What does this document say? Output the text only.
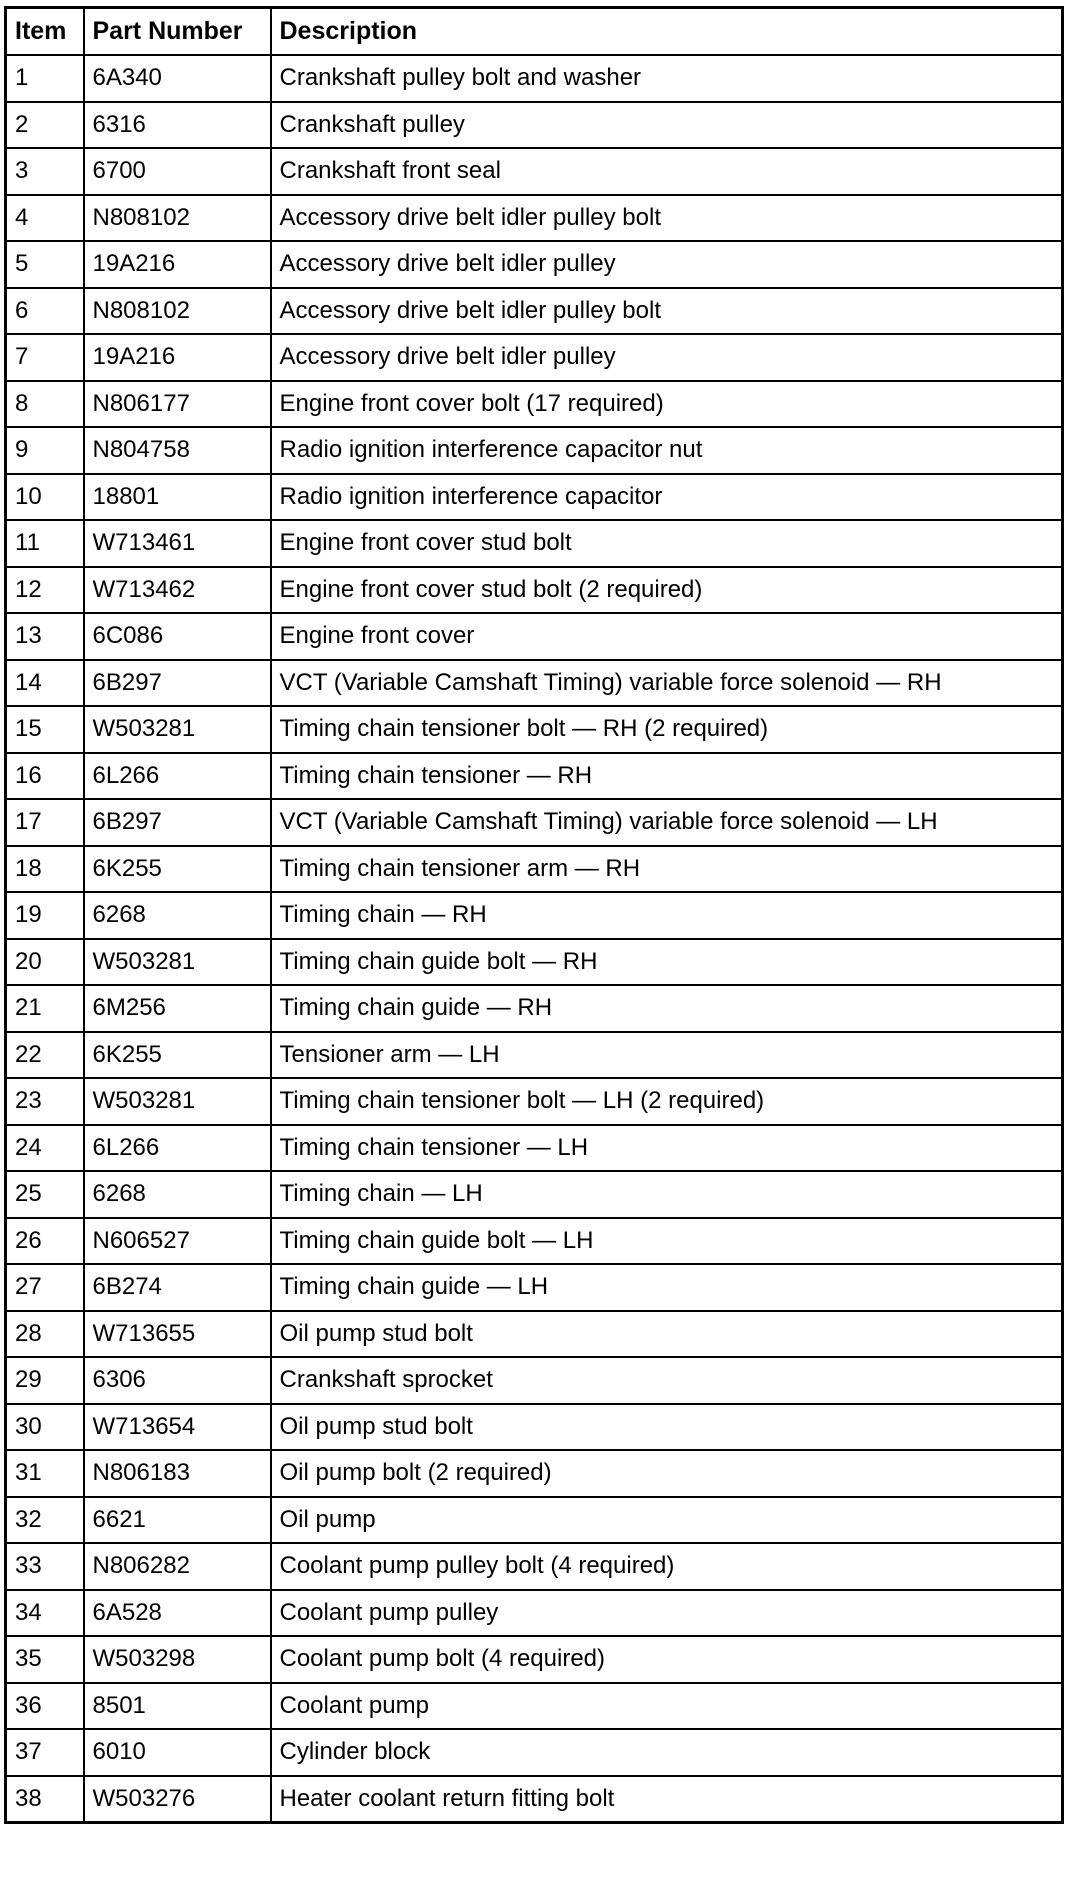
Item	Part Number	Description
1	6A340	Crankshaft pulley bolt and washer
2	6316	Crankshaft pulley
3	6700	Crankshaft front seal
4	N808102	Accessory drive belt idler pulley bolt
5	19A216	Accessory drive belt idler pulley
6	N808102	Accessory drive belt idler pulley bolt
7	19A216	Accessory drive belt idler pulley
8	N806177	Engine front cover bolt (17 required)
9	N804758	Radio ignition interference capacitor nut
10	18801	Radio ignition interference capacitor
11	W713461	Engine front cover stud bolt
12	W713462	Engine front cover stud bolt (2 required)
13	6C086	Engine front cover
14	6B297	VCT (Variable Camshaft Timing) variable force solenoid — RH
15	W503281	Timing chain tensioner bolt — RH (2 required)
16	6L266	Timing chain tensioner — RH
17	6B297	VCT (Variable Camshaft Timing) variable force solenoid — LH
18	6K255	Timing chain tensioner arm — RH
19	6268	Timing chain — RH
20	W503281	Timing chain guide bolt — RH
21	6M256	Timing chain guide — RH
22	6K255	Tensioner arm — LH
23	W503281	Timing chain tensioner bolt — LH (2 required)
24	6L266	Timing chain tensioner — LH
25	6268	Timing chain — LH
26	N606527	Timing chain guide bolt — LH
27	6B274	Timing chain guide — LH
28	W713655	Oil pump stud bolt
29	6306	Crankshaft sprocket
30	W713654	Oil pump stud bolt
31	N806183	Oil pump bolt (2 required)
32	6621	Oil pump
33	N806282	Coolant pump pulley bolt (4 required)
34	6A528	Coolant pump pulley
35	W503298	Coolant pump bolt (4 required)
36	8501	Coolant pump
37	6010	Cylinder block
38	W503276	Heater coolant return fitting bolt
